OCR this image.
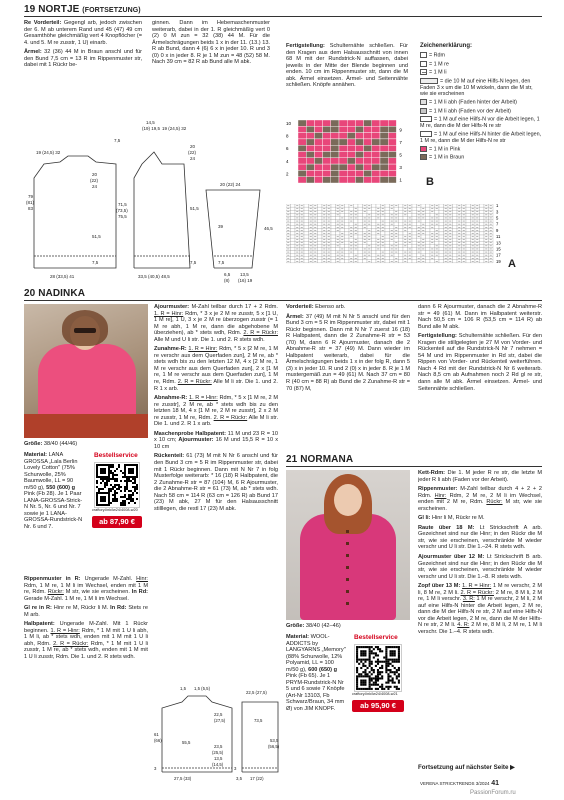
19 NORTJE (FORTSETZUNG)

Re Vorderteil: Gegengl arb, jedoch zwischen der 6. M ab unterem Rand und 45 (47) 49 cm Gesamthöhe gleichmäßig vert 4 Knopflöcher (= 4. und 5. M re zusstr, 1 U) einarb.

Ärmel: 32 (36) 44 M in Braun anschl und für den Bund 7,5 cm = 13 R im Rippenmuster str, dabei mit 1 Rückr be-

ginnen. Dann im Hebemaschenmuster weiterarb, dabei in der 1. R gleichmäßig vert 0 (2) 0 M zun = 32 (38) 44 M. Für die Ärmelschrägungen beids 1 x in der 11. (13.) 13. R ab Bund, dann 4 (6) 6 x in jeder 10. R und 3 (0) 0 x in jeder 8. R je 1 M zun = 48 (52) 58 M. Nach 39 cm = 82 R ab Bund alle M abk.

Fertigstellung: Schulternähte schließen. Für den Kragen aus dem Halsausschnitt von innen 68 M mit der Rundstrick-N auffassen, dabei jeweils in der Mitte der Blende beginnen und enden. 10 cm im Rippenmuster str, dann die M abk. Ärmel einsetzen. Ärmel- und Seitennähte schließen. Knöpfe annähen.

Zeichenerklärung:
= Rdm
= 1 M re
= 1 M li
= die 10 M auf eine Hilfs-N legen, den Faden 3 x um die 10 M wickeln, dann die M str, wie sie erscheinen
= 1 M li abh (Faden hinter der Arbeit)
= 1 M li abh (Faden vor der Arbeit)
= 1 M auf eine Hilfs-N vor die Arbeit legen, 1 M re, dann die M der Hilfs-N re str
= 1 M auf eine Hilfs-N hinter die Arbeit legen, 1 M re, dann die M der Hilfs-N re str
= 1 M in Pink
= 1 M in Braun
10
8
6
4
2
9
7
5
3
1 B
19
17
15
13
11
9
7
5
3
1
A
19 (24,5) 32
79
(81)
83
51,5
7,5
28 (33,5) 41
20
(22)
24
14,5
(19) 19,5 19 (24,5) 32
7,5
71,5
(73,5)
75,5
51,5
20
(22)
24
33,5 (40,5) 48,5
7,5
20 (22) 24
39	46,5
7,5
6,5
(8)
13,5
(16) 19
20 NADINKA
Größe: 38/40 (44/46)
Material: LANA GROSSA „Lala Berlin Lovely Cotton" (75% Schurwolle, 25% Baumwolle, LL = 90 m/50 g), 550 (600) g Pink (Fb 28). Je 1 Paar LANA-GROSSA-Strick-N Nr. 5, Nr. 6 und Nr. 7 sowie je 1 LANA-GROSSA-Rundstrick-N Nr. 6 und 7.
Bestellservice
craftory.link/lw24/4008-w20
ab 87,90 €

Rippenmuster in R: Ungerade M-Zahl. Hinr: Rdm, 1 M re, 1 M li im Wechsel, enden mit 1 M re, Rdm. Rückr: M str, wie sie erscheinen. In Rd: Gerade M-Zahl. 1 M re, 1 M li im Wechsel.

Gl re in R: Hinr re M, Rückr li M. In Rd: Stets re M arb.

Halbpatent: Ungerade M-Zahl. Mit 1 Rückr beginnen. 1. R = Hinr: Rdm, * 1 M mit 1 U li abh, 1 M li, ab * stets wdh, enden mit 1 M mit 1 U li abh, Rdm. 2. R = Rückr: Rdm, * 1 M mit 1 U li zusstr, 1 M re, ab * stets wdh, enden mit 1 M mit 1 U li zusstr, Rdm. Die 1. und 2. R stets wdh.

Ajourmuster: M-Zahl teilbar durch 17 + 2 Rdm. 1. R = Hinr: Rdm, * 3 x je 2 M re zusstr, 5 x [1 U, 1 M re], 1 U, 3 x je 2 M re überzogen zusstr (= 1 M re abh, 1 M re, dann die abgehobene M überziehen), ab * stets wdh, Rdm. 2. R = Rückr: Alle M und U li str. Die 1. und 2. R stets wdh.

Zunahme-R: 1. R = Hinr: Rdm, * 5 x [2 M re, 1 M re verschr aus dem Querfaden zun], 2 M re, ab * stets wdh bis zu den letzten 12 M, 4 x [2 M re, 1 M re verschr aus dem Querfaden zun], 2 x [1 M re, 1 M re verschr aus dem Querfaden zun], 1 M re, Rdm. 2. R = Rückr: Alle M li str. Die 1. und 2. R 1 x arb.

Abnahme-R: 1. R = Hinr: Rdm, * 5 x [1 M re, 2 M re zusstr], 2 M re, ab * stets wdh bis zu den letzten 18 M, 4 x [1 M re, 2 M re zusstr], 2 x 2 M re zusstr, 1 M re, Rdm. 2. R = Rückr: Alle M li str. Die 1. und 2. R 1 x arb.

Maschenprobe Halbpatent: 11 M und 23 R = 10 x 10 cm; Ajourmuster: 16 M und 15,5 R = 10 x 10 cm

Rückenteil: 61 (73) M mit N Nr 6 anschl und für den Bund 3 cm = 5 R im Rippenmuster str, dabei mit 1 Rückr beginnen. Dann mit N Nr 7 in folg Musterfolge weiterarb: * 16 (18) R Halbpatent, die 2 Zunahme-R str = 87 (104) M, 6 R Ajourmuster, die 2 Abnahme-R str = 61 (73) M, ab * stets wdh. Nach 58 cm = 114 R (63 cm = 126 R) ab Bund 17 (23) M abk, 27 M für den Halsausschnitt stilllegen, die restl 17 (23) M abk.

Vorderteil: Ebenso arb.

Ärmel: 37 (49) M mit N Nr 5 anschl und für den Bund 3 cm = 5 R im Rippenmuster str, dabei mit 1 Rückr beginnen. Dann mit N Nr 7 zuerst 16 (18) R Halbpatent, dann die 2 Zunahme-R str = 53 (70) M, dann 6 R Ajourmuster, danach die 2 Abnahme-R str = 37 (49) M. Dann wieder im Halbpatent weiterarb, dabei für die Ärmelschrägungen beids 1 x in der folg R, dann 5 (3) x in jeder 10. R und 2 (0) x in jeder 8. R je 1 M mustergemäß zun = 49 (61) M. Nach 37 cm = 80 R (40 cm = 88 R) ab Bund die 2 Zunahme-R str = 70 (87) M,

dann 6 R Ajourmuster, danach die 2 Abnahme-R str = 49 (61) M. Dann im Halbpatent weiterstr. Nach 50,5 cm = 106 R (53,5 cm = 114 R) ab Bund alle M abk.

Fertigstellung: Schulternähte schließen. Für den Kragen die stillgelegten je 27 M von Vorder- und Rückenteil auf die Rundstrick-N Nr 7 nehmen = 54 M und im Rippenmuster in Rd str, dabei die Rippen von Vorder- und Rückenteil weiterführen. Nach 4 Rd mit der Rundstrick-N Nr 6 weiterarb. Nach 8,5 cm ab Aufnahmen noch 2 Rd gl re str, dann alle M abk. Ärmel einsetzen. Ärmel- und Seitennähte schließen.

1,5 1,5 (5,5)
22,5 (27,5)
22,5
(27,5)
61
(66)
23,5
(25,5)
55,5
13,5
(14,5)
53,5
(56,5)
3
27,5 (33)
3
3,5 17 (22)
73,5
21 NORMANA
Größe: 38/40 (42–46)
Material: WOOL-ADDICTS by LANGYARNS „Memory" (88% Schurwolle, 12% Polyamid, LL = 100 m/50 g), 600 (650) g Pink (Fb 65). Je 1 PRYM-Rundstrick-N Nr 5 und 6 sowie 7 Knöpfe (Art-Nr 13103, Fb Schwarz/Braun, 34 mm Ø) von JIM KNOPF.
Bestellservice
craftory.link/lw24/4008-w21
ab 95,90 €

Kett-Rdm: Die 1. M jeder R re str, die letzte M jeder R li abh (Faden vor der Arbeit).

Rippenmuster: M-Zahl teilbar durch 4 + 2 + 2 Rdm. Hinr: Rdm, 2 M re, 2 M li im Wechsel, enden mit 2 M re, Rdm. Rückr: M str, wie sie erscheinen.

Gl li: Hinr li M, Rückr re M.

Raute über 18 M: Lt Strickschrift A arb. Gezeichnet sind nur die Hinr; in den Rückr die M str, wie sie erscheinen, verschränkte M wieder verschr und U li str. Die 1.–24. R stets wdh.

Ajourmuster über 12 M: Lt Strickschrift B arb. Gezeichnet sind nur die Hinr; in den Rückr die M str, wie sie erscheinen, verschränkte M wieder verschr und U li str. Die 1.–8. R stets wdh.

Zopf über 13 M: 1. R = Hinr: 1 M re verschr, 2 M li, 8 M re, 2 M li. 2. R = Rückr: 2 M re, 8 M li, 2 M re, 1 M li verschr. 3. R: 1 M re verschr, 2 M li, 2 M auf eine Hilfs-N hinter die Arbeit legen, 2 M re, dann die M der Hilfs-N re str, 2 M auf eine Hilfs-N vor die Arbeit legen, 2 M re, dann die M der Hilfs-N re str, 2 M li. 4. R: 2 M re, 8 M li, 2 M re, 1 M li verschr. Die 1.–4. R stets wdh.

Fortsetzung auf nächster Seite ▶
VERENA STRICKTRENDS 3/2024 41
PassionForum.ru
